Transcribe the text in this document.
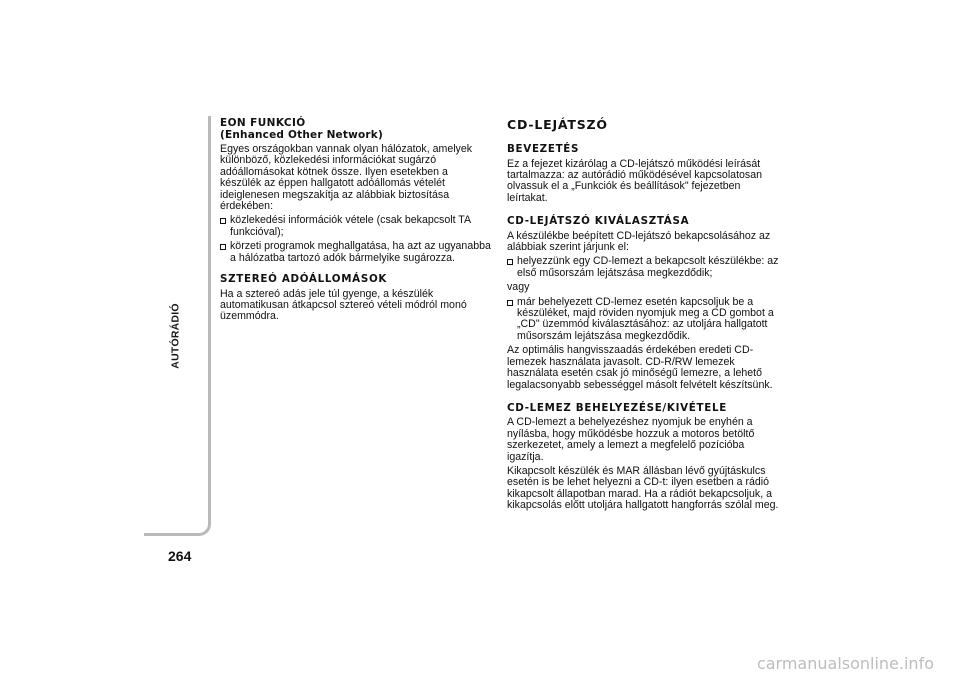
AUTÓRÁDIÓ
264
EON FUNKCIÓ
(Enhanced Other Network)

Egyes országokban vannak olyan hálózatok, amelyek különböző, közlekedési információkat sugárzó adóállomásokat kötnek össze. Ilyen esetekben a készülék az éppen hallgatott adóállomás vételét ideiglenesen megszakítja az alábbiak biztosítása érdekében:

közlekedési információk vétele (csak bekapcsolt TA funkcióval);
körzeti programok meghallgatása, ha azt az ugyanabba a hálózatba tartozó adók bármelyike sugározza.
SZTEREÓ ADÓÁLLOMÁSOK

Ha a sztereó adás jele túl gyenge, a készülék automatikusan átkapcsol sztereó vételi módról monó üzemmódra.

CD-LEJÁTSZÓ
BEVEZETÉS

Ez a fejezet kizárólag a CD-lejátszó működési leírását tartalmazza: az autórádió működésével kapcsolatosan olvassuk el a „Funkciók és beállítások" fejezetben leírtakat.

CD-LEJÁTSZÓ KIVÁLASZTÁSA

A készülékbe beépített CD-lejátszó bekapcsolásához az alábbiak szerint járjunk el:

helyezzünk egy CD-lemezt a bekapcsolt készülékbe: az első műsorszám lejátszása megkezdődik;

vagy

már behelyezett CD-lemez esetén kapcsoljuk be a készüléket, majd röviden nyomjuk meg a CD gombot a „CD" üzemmód kiválasztásához: az utoljára hallgatott műsorszám lejátszása megkezdődik.

Az optimális hangvisszaadás érdekében eredeti CD-lemezek használata javasolt. CD-R/RW lemezek használata esetén csak jó minőségű lemezre, a lehető legalacsonyabb sebességgel másolt felvételt készítsünk.

CD-LEMEZ BEHELYEZÉSE/KIVÉTELE

A CD-lemezt a behelyezéshez nyomjuk be enyhén a nyílásba, hogy működésbe hozzuk a motoros betöltő szerkezetet, amely a lemezt a megfelelő pozícióba igazítja.

Kikapcsolt készülék és MAR állásban lévő gyújtáskulcs esetén is be lehet helyezni a CD-t: ilyen esetben a rádió kikapcsolt állapotban marad. Ha a rádiót bekapcsoljuk, a kikapcsolás előtt utoljára hallgatott hangforrás szólal meg.

carmanualsonline.info
